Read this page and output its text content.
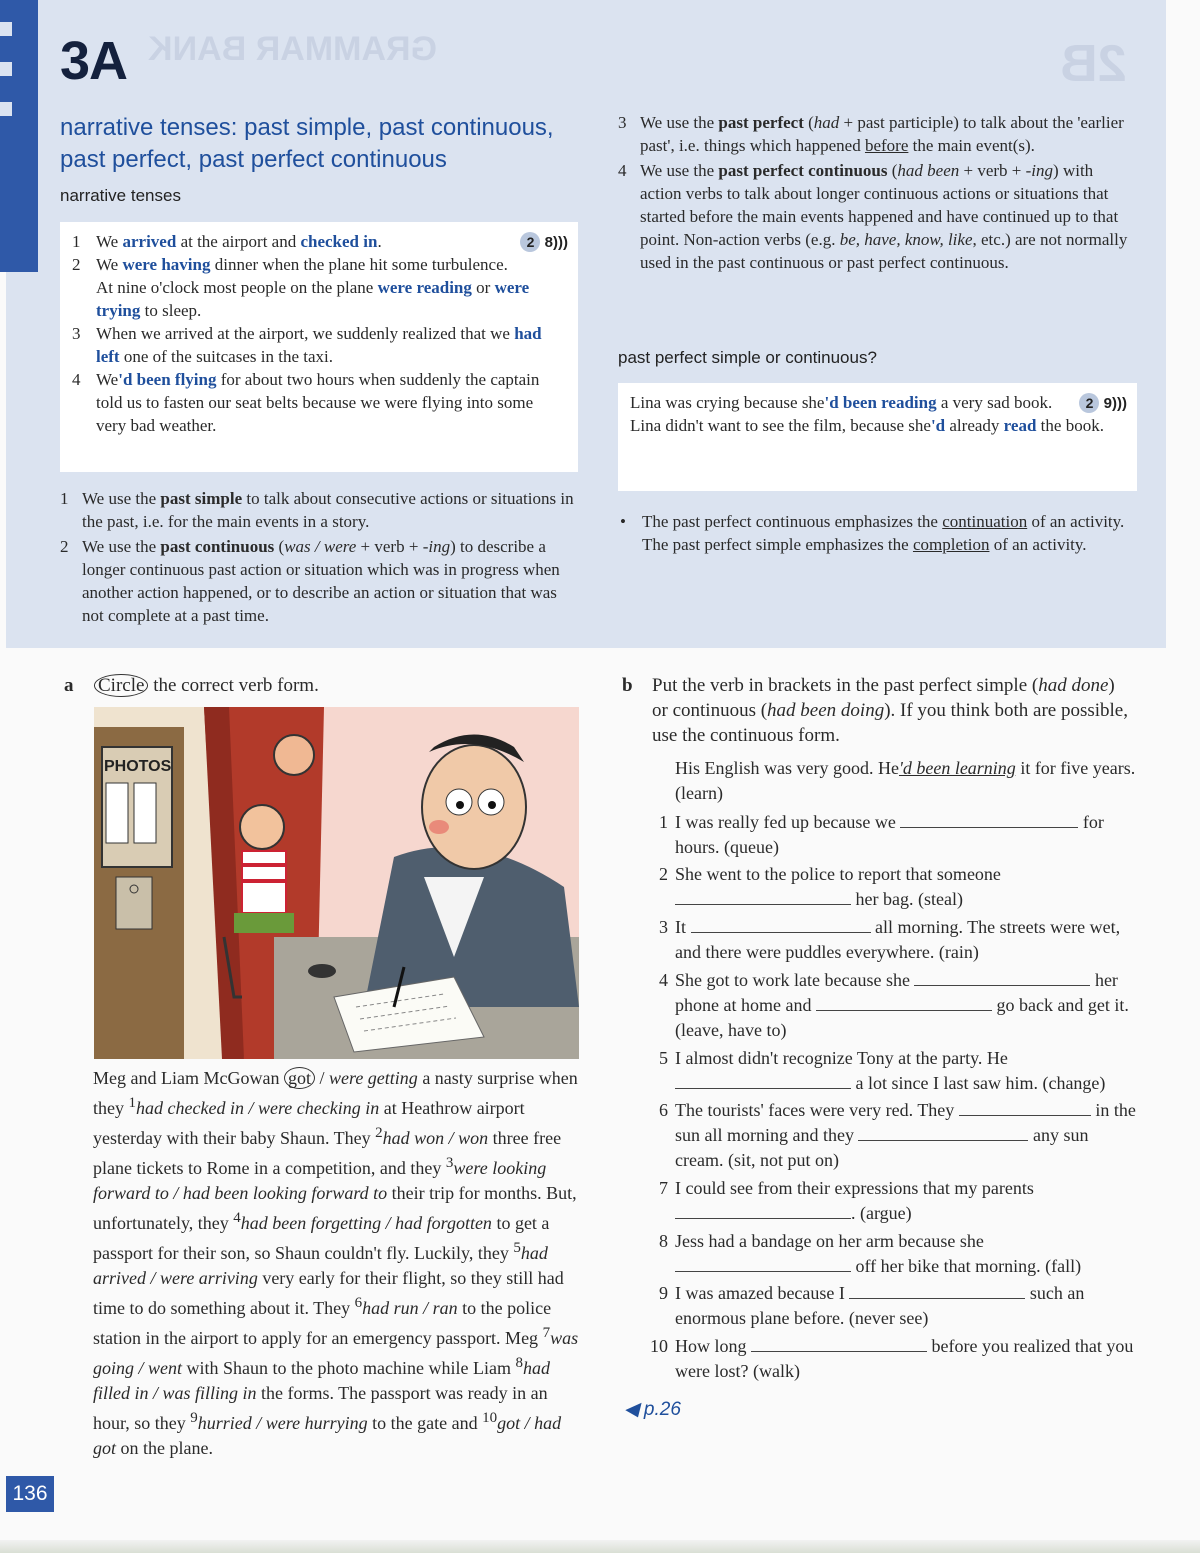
GRAMMAR BANK	2B
3A
narrative tenses: past simple, past continuous, past perfect, past perfect continuous
narrative tenses
2 8)))

1 We arrived at the airport and checked in.

2 We were having dinner when the plane hit some turbulence.

At nine o'clock most people on the plane were reading or were trying to sleep.

3 When we arrived at the airport, we suddenly realized that we had left one of the suitcases in the taxi.

4 We'd been flying for about two hours when suddenly the captain told us to fasten our seat belts because we were flying into some very bad weather.

1 We use the past simple to talk about consecutive actions or situations in the past, i.e. for the main events in a story.

2 We use the past continuous (was / were + verb + -ing) to describe a longer continuous past action or situation which was in progress when another action happened, or to describe an action or situation that was not complete at a past time.

3 We use the past perfect (had + past participle) to talk about the 'earlier past', i.e. things which happened before the main event(s).

4 We use the past perfect continuous (had been + verb + -ing) with action verbs to talk about longer continuous actions or situations that started before the main events happened and have continued up to that point. Non-action verbs (e.g. be, have, know, like, etc.) are not normally used in the past continuous or past perfect continuous.

past perfect simple or continuous?
2 9)))

Lina was crying because she'd been reading a very sad book.

Lina didn't want to see the film, because she'd already read the book.

• The past perfect continuous emphasizes the continuation of an activity. The past perfect simple emphasizes the completion of an activity.

a Circle the correct verb form.
PHOTOS

Meg and Liam McGowan got / were getting a nasty surprise when they $^1$had checked in / were checking in at Heathrow airport yesterday with their baby Shaun. They $^2$had won / won three free plane tickets to Rome in a competition, and they $^3$were looking forward to / had been looking forward to their trip for months. But, unfortunately, they $^4$had been forgetting / had forgotten to get a passport for their son, so Shaun couldn't fly. Luckily, they $^5$had arrived / were arriving very early for their flight, so they still had time to do something about it. They $^6$had run / ran to the police station in the airport to apply for an emergency passport. Meg $^7$was going / went with Shaun to the photo machine while Liam $^8$had filled in / was filling in the forms. The passport was ready in an hour, so they $^9$hurried / were hurrying to the gate and $^{10}$got / had got on the plane.

b Put the verb in brackets in the past perfect simple (had done) or continuous (had been doing). If you think both are possible, use the continuous form.

His English was very good. He'd been learning it for five years. (learn)

1 I was really fed up because we	for hours. (queue)

2 She went to the police to report that someone  her bag. (steal)

3 It	all morning. The streets were wet, and there were puddles everywhere. (rain)

4 She got to work late because she	her phone at home and	go back and get it. (leave, have to)

5 I almost didn't recognize Tony at the party. He  a lot since I last saw him. (change)

6 The tourists' faces were very red. They	in the sun all morning and they	any sun cream. (sit, not put on)

7 I could see from their expressions that my parents . (argue)

8 Jess had a bandage on her arm because she  off her bike that morning. (fall)

9 I was amazed because I	such an enormous plane before. (never see)

10 How long	before you realized that you were lost? (walk)

◀ p.26
136
